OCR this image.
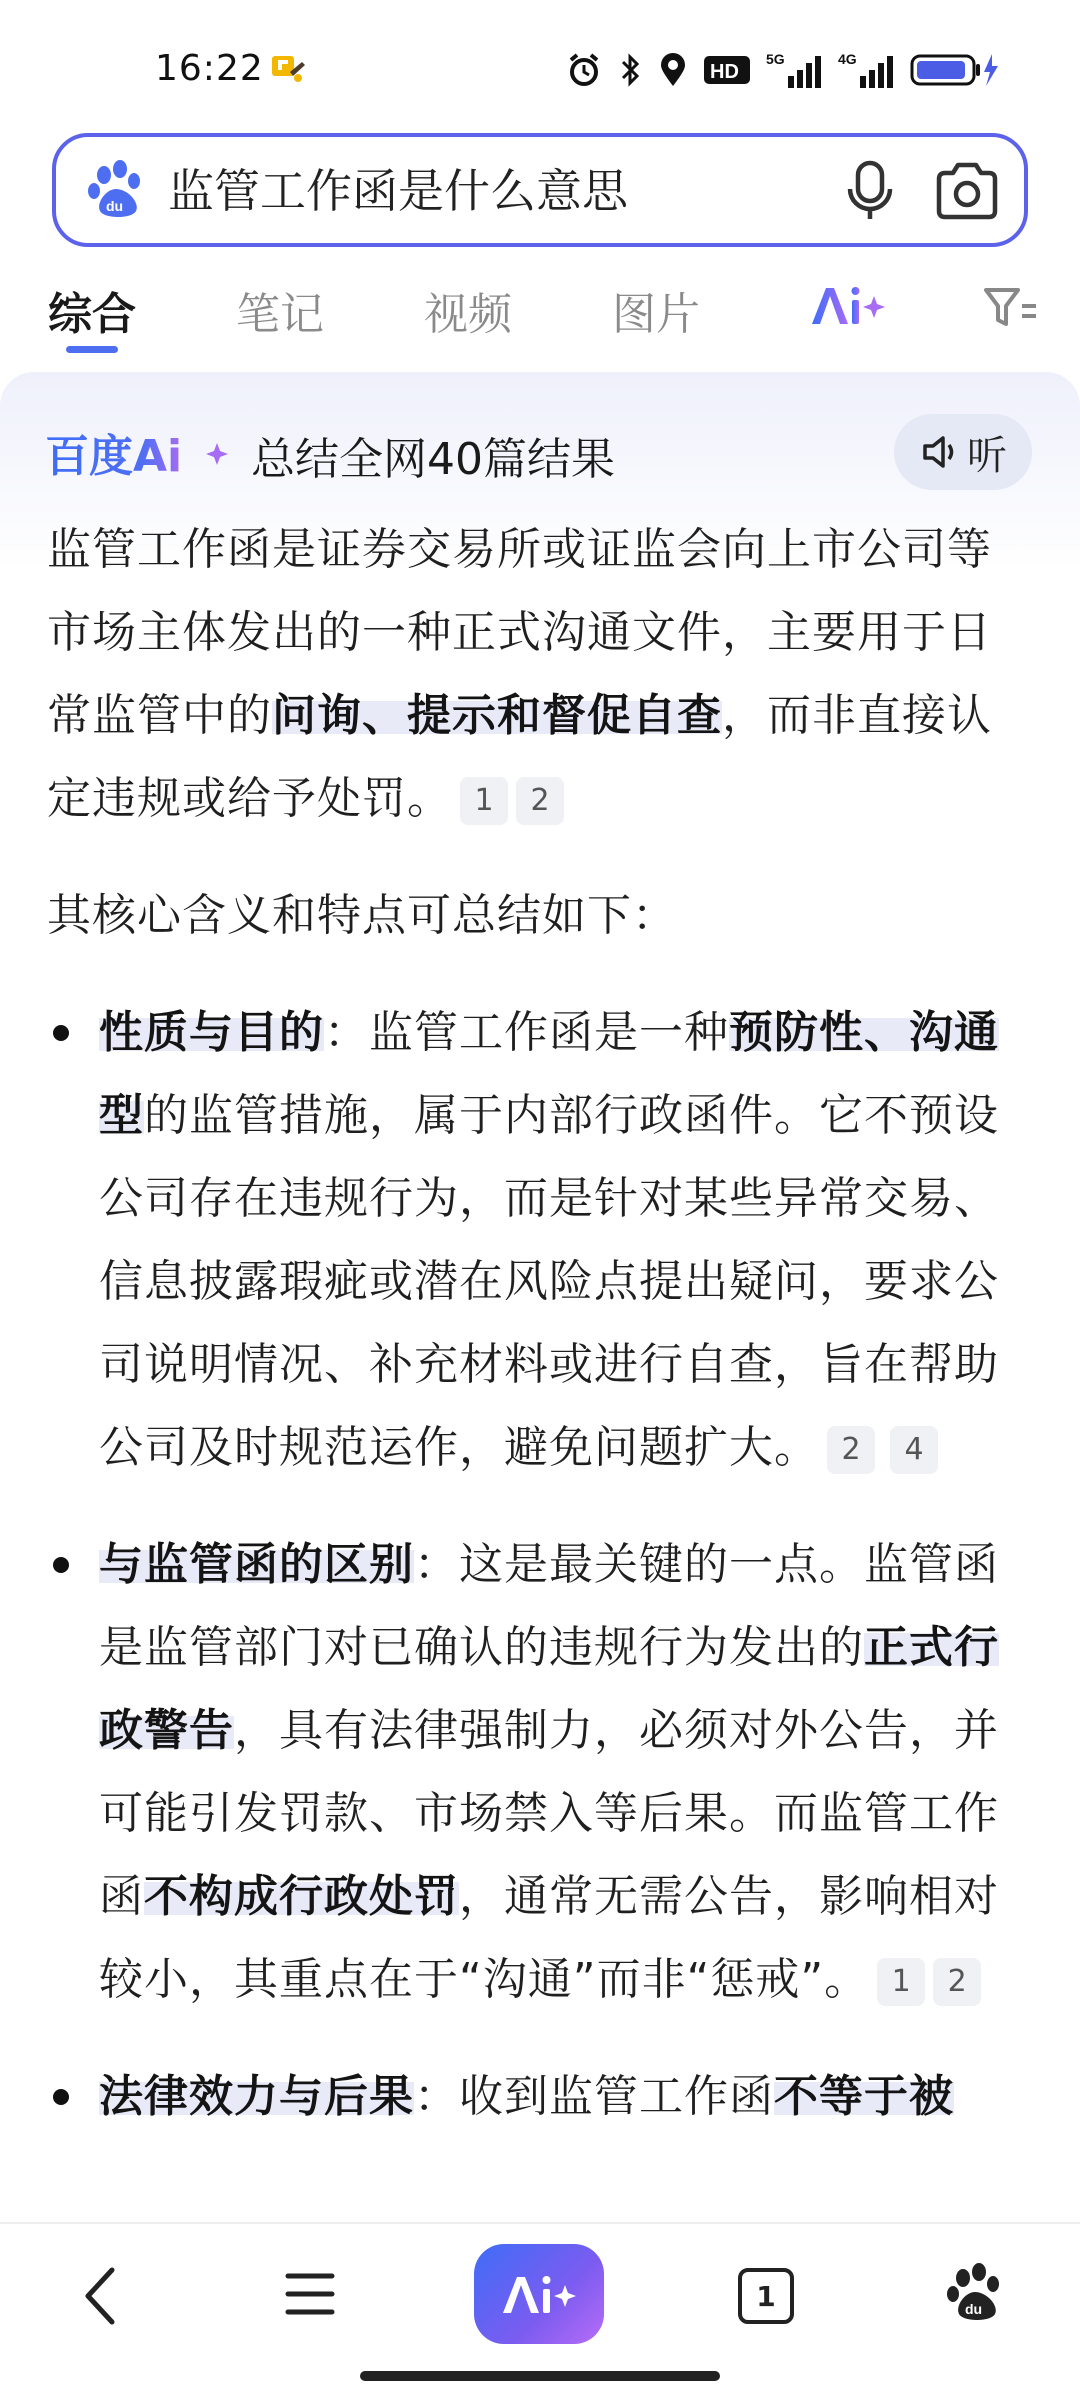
16:22	HD
5G	4G
du 监管工作函是什么意思
综合 笔记 视频 图片
百度Ai 总结全网40篇结果	听
监管工作函是证券交易所或证监会向上市公司等市场主体发出的一种正式沟通文件，主要用于日常监管中的问询、提示和督促自查，而非直接认定违规或给予处罚。 1 2
其核心含义和特点可总结如下：
性质与目的：监管工作函是一种预防性、沟通型的监管措施，属于内部行政函件。它不预设公司存在违规行为，而是针对某些异常交易、信息披露瑕疵或潜在风险点提出疑问，要求公司说明情况、补充材料或进行自查，旨在帮助公司及时规范运作，避免问题扩大。 2 4
与监管函的区别：这是最关键的一点。监管函是监管部门对已确认的违规行为发出的正式行政警告，具有法律强制力，必须对外公告，并可能引发罚款、市场禁入等后果。而监管工作函不构成行政处罚，通常无需公告，影响相对较小，其重点在于“沟通”而非“惩戒”。 1 2
法律效力与后果：收到监管工作函不等于被
1	du
